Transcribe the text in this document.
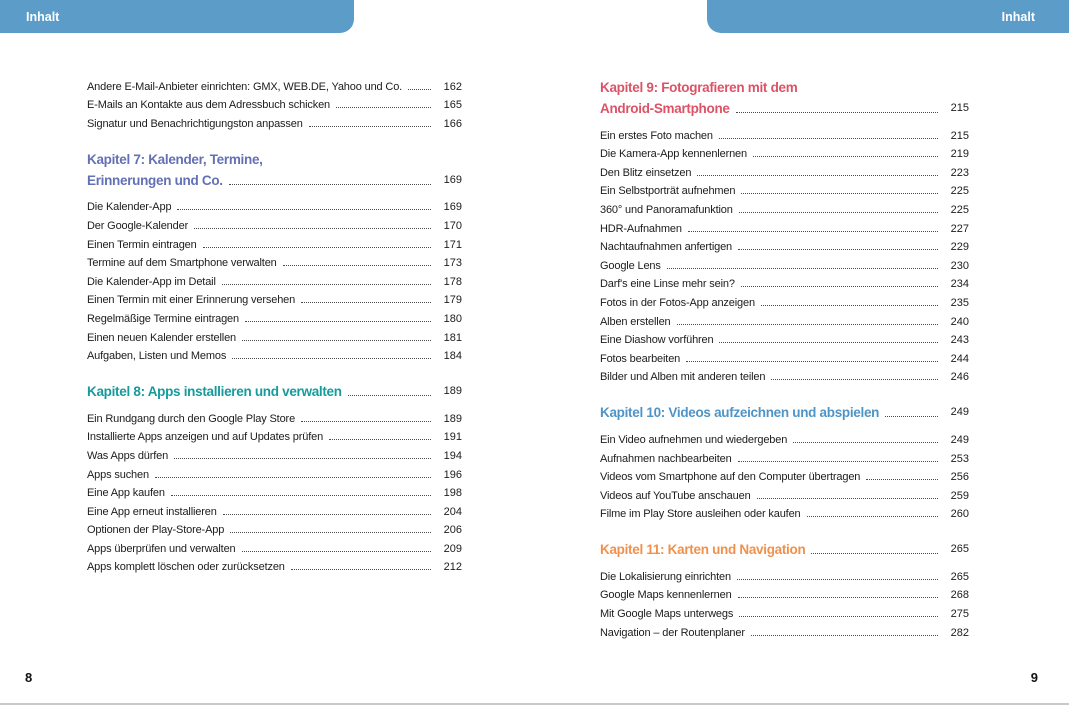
Inhalt	Inhalt
Andere E-Mail-Anbieter einrichten: GMX, WEB.DE, Yahoo und Co.	162
E-Mails an Kontakte aus dem Adressbuch schicken	165
Signatur und Benachrichtigungston anpassen	166
Kapitel 7: Kalender, Termine,
Erinnerungen und Co.	169
Die Kalender-App	169
Der Google-Kalender	170
Einen Termin eintragen	171
Termine auf dem Smartphone verwalten	173
Die Kalender-App im Detail	178
Einen Termin mit einer Erinnerung versehen	179
Regelmäßige Termine eintragen	180
Einen neuen Kalender erstellen	181
Aufgaben, Listen und Memos	184
Kapitel 8: Apps installieren und verwalten	189
Ein Rundgang durch den Google Play Store	189
Installierte Apps anzeigen und auf Updates prüfen	191
Was Apps dürfen	194
Apps suchen	196
Eine App kaufen	198
Eine App erneut installieren	204
Optionen der Play-Store-App	206
Apps überprüfen und verwalten	209
Apps komplett löschen oder zurücksetzen	212
Kapitel 9: Fotografieren mit dem
Android-Smartphone	215
Ein erstes Foto machen	215
Die Kamera-App kennenlernen	219
Den Blitz einsetzen	223
Ein Selbstporträt aufnehmen	225
360° und Panoramafunktion	225
HDR-Aufnahmen	227
Nachtaufnahmen anfertigen	229
Google Lens	230
Darf's eine Linse mehr sein?	234
Fotos in der Fotos-App anzeigen	235
Alben erstellen	240
Eine Diashow vorführen	243
Fotos bearbeiten	244
Bilder und Alben mit anderen teilen	246
Kapitel 10: Videos aufzeichnen und abspielen	249
Ein Video aufnehmen und wiedergeben	249
Aufnahmen nachbearbeiten	253
Videos vom Smartphone auf den Computer übertragen	256
Videos auf YouTube anschauen	259
Filme im Play Store ausleihen oder kaufen	260
Kapitel 11: Karten und Navigation	265
Die Lokalisierung einrichten	265
Google Maps kennenlernen	268
Mit Google Maps unterwegs	275
Navigation – der Routenplaner	282
8	9
